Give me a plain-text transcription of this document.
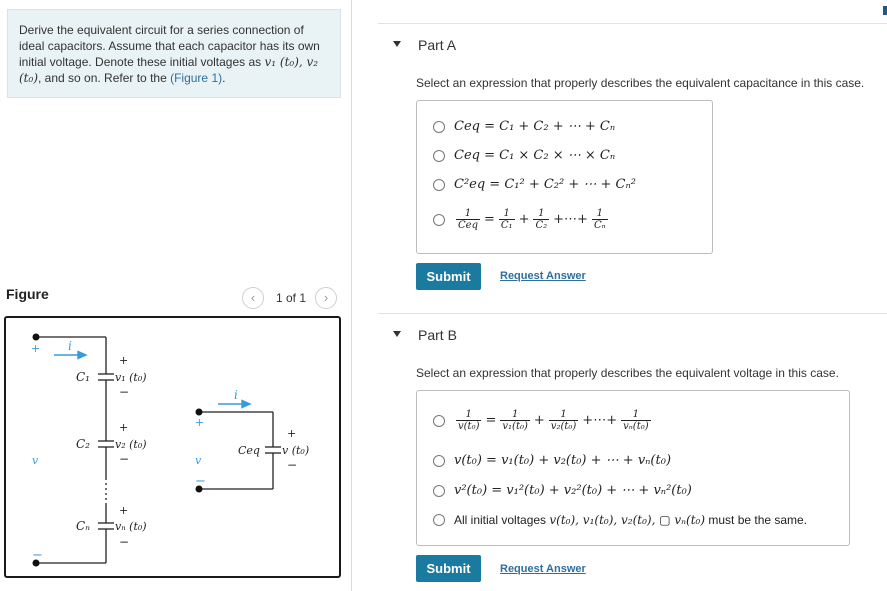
Derive the equivalent circuit for a series connection of ideal capacitors. Assume that each capacitor has its own initial voltage. Denote these initial voltages as v₁ (t₀), v₂ (t₀), and so on. Refer to the (Figure 1).
Figure	‹	1 of 1	›
i
i
+
v
−
+
v
−
+
−
C₁ v₁ (t₀)
+
−
C₂ v₂ (t₀)
+
−
Cₙ vₙ (t₀)
+
−
Ceq v (t₀)
Part A
Select an expression that properly describes the equivalent capacitance in this case.
Ceq = C₁ + C₂ + ⋯ + Cₙ
Ceq = C₁ × C₂ × ⋯ × Cₙ
C²eq = C₁² + C₂² + ⋯ + Cₙ²
$\frac{1}{\text{Ceq}} = \frac{1}{\text{C₁}} + \frac{1}{\text{C₂}}$ +⋯+ $\frac{1}{\text{Cₙ}}$
Submit	Request Answer
Part B
Select an expression that properly describes the equivalent voltage in this case.
$\frac{1}{\text{v(t₀)}} = \frac{1}{\text{v₁(t₀)}} + \frac{1}{\text{v₂(t₀)}}$ +⋯+ $\frac{1}{\text{vₙ(t₀)}}$
v(t₀) = v₁(t₀) + v₂(t₀) + ⋯ + vₙ(t₀)
v²(t₀) = v₁²(t₀) + v₂²(t₀) + ⋯ + vₙ²(t₀)
All initial voltages v(t₀), v₁(t₀), v₂(t₀), ▢ vₙ(t₀) must be the same.
Submit	Request Answer
